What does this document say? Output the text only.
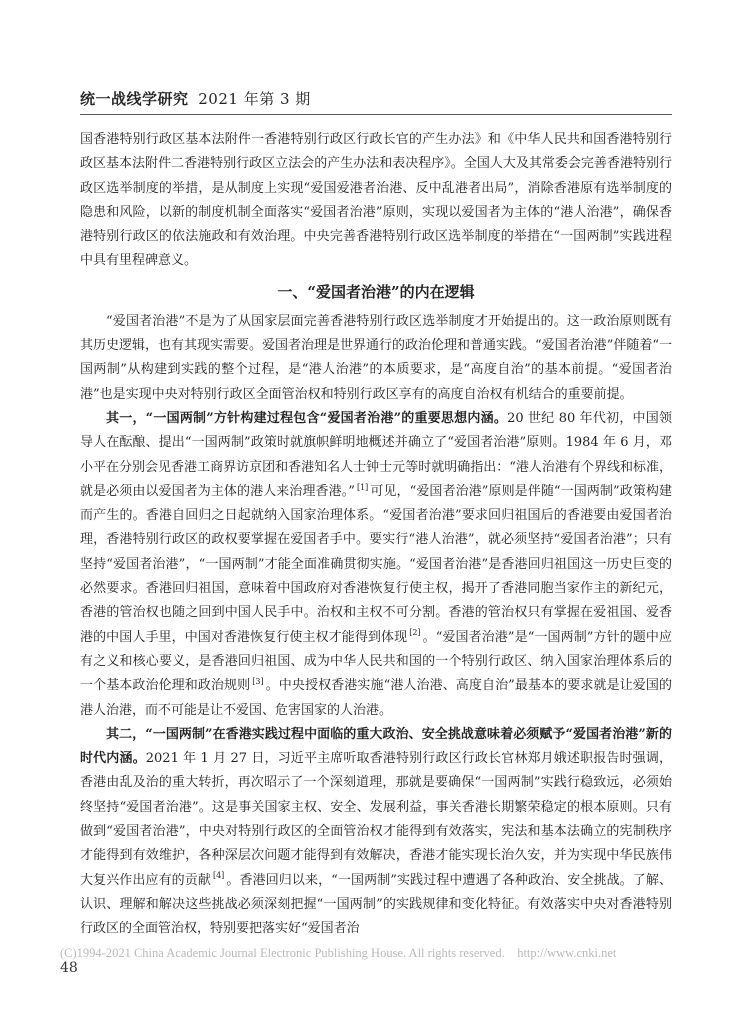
统一战线学研究 2021 年第 3 期

国香港特别行政区基本法附件一香港特别行政区行政长官的产生办法》和《中华人民共和国香港特别行政区基本法附件二香港特别行政区立法会的产生办法和表决程序》。全国人大及其常委会完善香港特别行政区选举制度的举措，是从制度上实现“爱国爱港者治港、反中乱港者出局”，消除香港原有选举制度的隐患和风险，以新的制度机制全面落实“爱国者治港”原则，实现以爱国者为主体的“港人治港”，确保香港特别行政区的依法施政和有效治理。中央完善香港特别行政区选举制度的举措在“一国两制”实践进程中具有里程碑意义。

一、“爱国者治港”的内在逻辑

“爱国者治港”不是为了从国家层面完善香港特别行政区选举制度才开始提出的。这一政治原则既有其历史逻辑，也有其现实需要。爱国者治理是世界通行的政治伦理和普通实践。“爱国者治港”伴随着“一国两制”从构建到实践的整个过程，是“港人治港”的本质要求，是“高度自治”的基本前提。“爱国者治港”也是实现中央对特别行政区全面管治权和特别行政区享有的高度自治权有机结合的重要前提。

其一，“一国两制”方针构建过程包含“爱国者治港”的重要思想内涵。20 世纪 80 年代初，中国领导人在酝酿、提出“一国两制”政策时就旗帜鲜明地概述并确立了“爱国者治港”原则。1984 年 6 月，邓小平在分别会见香港工商界访京团和香港知名人士钟士元等时就明确指出：“港人治港有个界线和标准，就是必须由以爱国者为主体的港人来治理香港。” [1] 可见，“爱国者治港”原则是伴随“一国两制”政策构建而产生的。香港自回归之日起就纳入国家治理体系。“爱国者治港”要求回归祖国后的香港要由爱国者治理，香港特别行政区的政权要掌握在爱国者手中。要实行“港人治港”，就必须坚持“爱国者治港”；只有坚持“爱国者治港”，“一国两制”才能全面准确贯彻实施。“爱国者治港”是香港回归祖国这一历史巨变的必然要求。香港回归祖国，意味着中国政府对香港恢复行使主权，揭开了香港同胞当家作主的新纪元，香港的管治权也随之回到中国人民手中。治权和主权不可分割。香港的管治权只有掌握在爱祖国、爱香港的中国人手里，中国对香港恢复行使主权才能得到体现 [2] 。“爱国者治港”是“一国两制”方针的题中应有之义和核心要义，是香港回归祖国、成为中华人民共和国的一个特别行政区、纳入国家治理体系后的一个基本政治伦理和政治规则 [3] 。中央授权香港实施“港人治港、高度自治”最基本的要求就是让爱国的港人治港，而不可能是让不爱国、危害国家的人治港。

其二，“一国两制”在香港实践过程中面临的重大政治、安全挑战意味着必须赋予“爱国者治港”新的时代内涵。2021 年 1 月 27 日，习近平主席听取香港特别行政区行政长官林郑月娥述职报告时强调，香港由乱及治的重大转折，再次昭示了一个深刻道理，那就是要确保“一国两制”实践行稳致远，必须始终坚持“爱国者治港”。这是事关国家主权、安全、发展利益，事关香港长期繁荣稳定的根本原则。只有做到“爱国者治港”，中央对特别行政区的全面管治权才能得到有效落实，宪法和基本法确立的宪制秩序才能得到有效维护，各种深层次问题才能得到有效解决，香港才能实现长治久安，并为实现中华民族伟大复兴作出应有的贡献 [4] 。香港回归以来，“一国两制”实践过程中遭遇了各种政治、安全挑战。了解、认识、理解和解决这些挑战必须深刻把握“一国两制”的实践规律和变化特征。有效落实中央对香港特别行政区的全面管治权，特别要把落实好“爱国者治

(C)1994-2021 China Academic Journal Electronic Publishing House. All rights reserved.    http://www.cnki.net
48
